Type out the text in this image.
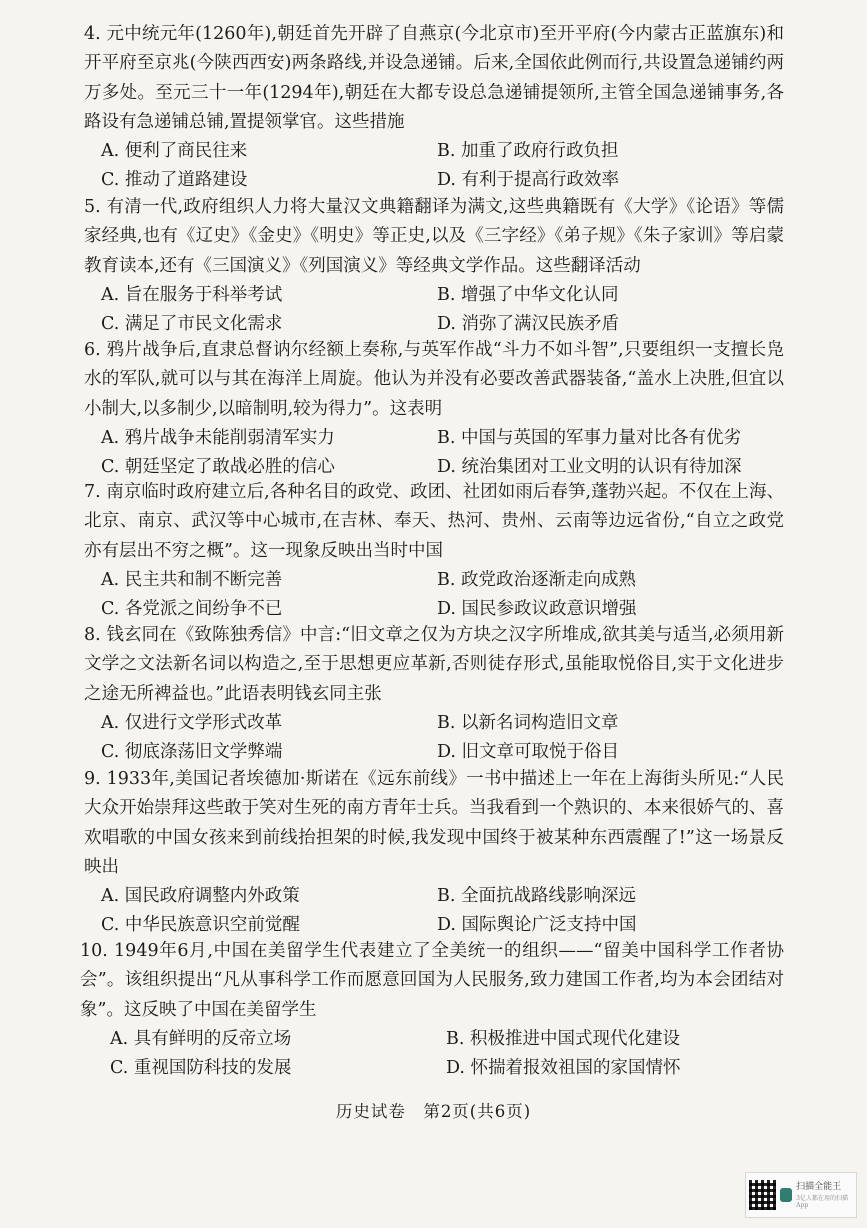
4. 元中统元年(1260年),朝廷首先开辟了自燕京(今北京市)至开平府(今内蒙古正蓝旗东)和开平府至京兆(今陕西西安)两条路线,并设急递铺。后来,全国依此例而行,共设置急递铺约两万多处。至元三十一年(1294年),朝廷在大都专设总急递铺提领所,主管全国急递铺事务,各路设有急递铺总铺,置提领掌官。这些措施

A. 便利了商民往来	B. 加重了政府行政负担
C. 推动了道路建设	D. 有利于提高行政效率

5. 有清一代,政府组织人力将大量汉文典籍翻译为满文,这些典籍既有《大学》《论语》等儒家经典,也有《辽史》《金史》《明史》等正史,以及《三字经》《弟子规》《朱子家训》等启蒙教育读本,还有《三国演义》《列国演义》等经典文学作品。这些翻译活动

A. 旨在服务于科举考试	B. 增强了中华文化认同
C. 满足了市民文化需求	D. 消弥了满汉民族矛盾

6. 鸦片战争后,直隶总督讷尔经额上奏称,与英军作战“斗力不如斗智”,只要组织一支擅长凫水的军队,就可以与其在海洋上周旋。他认为并没有必要改善武器装备,“盖水上决胜,但宜以小制大,以多制少,以暗制明,较为得力”。这表明

A. 鸦片战争未能削弱清军实力	B. 中国与英国的军事力量对比各有优劣
C. 朝廷坚定了敢战必胜的信心	D. 统治集团对工业文明的认识有待加深

7. 南京临时政府建立后,各种名目的政党、政团、社团如雨后春笋,蓬勃兴起。不仅在上海、北京、南京、武汉等中心城市,在吉林、奉天、热河、贵州、云南等边远省份,“自立之政党亦有层出不穷之概”。这一现象反映出当时中国

A. 民主共和制不断完善	B. 政党政治逐渐走向成熟
C. 各党派之间纷争不已	D. 国民参政议政意识增强

8. 钱玄同在《致陈独秀信》中言:“旧文章之仅为方块之汉字所堆成,欲其美与适当,必须用新文学之文法新名词以构造之,至于思想更应革新,否则徒存形式,虽能取悦俗目,实于文化进步之途无所裨益也。”此语表明钱玄同主张

A. 仅进行文学形式改革	B. 以新名词构造旧文章
C. 彻底涤荡旧文学弊端	D. 旧文章可取悦于俗目

9. 1933年,美国记者埃德加·斯诺在《远东前线》一书中描述上一年在上海街头所见:“人民大众开始崇拜这些敢于笑对生死的南方青年士兵。当我看到一个熟识的、本来很娇气的、喜欢唱歌的中国女孩来到前线抬担架的时候,我发现中国终于被某种东西震醒了!”这一场景反映出

A. 国民政府调整内外政策	B. 全面抗战路线影响深远
C. 中华民族意识空前觉醒	D. 国际舆论广泛支持中国

10. 1949年6月,中国在美留学生代表建立了全美统一的组织——“留美中国科学工作者协会”。该组织提出“凡从事科学工作而愿意回国为人民服务,致力建国工作者,均为本会团结对象”。这反映了中国在美留学生

A. 具有鲜明的反帝立场	B. 积极推进中国式现代化建设
C. 重视国防科技的发展	D. 怀揣着报效祖国的家国情怀
历史试卷　第2页(共6页)
扫描全能王
3亿人都在用的扫描App
